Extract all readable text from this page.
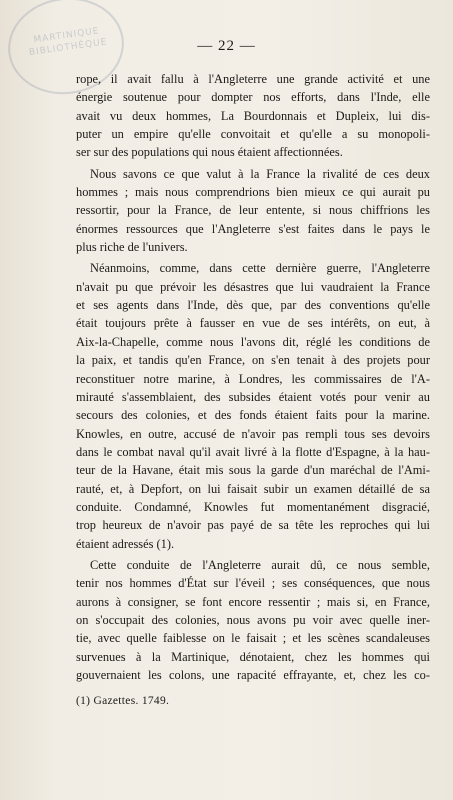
MARTINIQUE BIBLIOTHÈQUE	— 22 —
rope, il avait fallu à l'Angleterre une grande activité et une
énergie soutenue pour dompter nos efforts, dans l'Inde, elle
avait vu deux hommes, La Bourdonnais et Dupleix, lui dis-
puter un empire qu'elle convoitait et qu'elle a su monopoli-
ser sur des populations qui nous étaient affectionnées.
Nous savons ce que valut à la France la rivalité de ces deux
hommes ; mais nous comprendrions bien mieux ce qui aurait pu
ressortir, pour la France, de leur entente, si nous chiffrions les
énormes ressources que l'Angleterre s'est faites dans le pays le
plus riche de l'univers.
Néanmoins, comme, dans cette dernière guerre, l'Angleterre
n'avait pu que prévoir les désastres que lui vaudraient la France
et ses agents dans l'Inde, dès que, par des conventions qu'elle
était toujours prête à fausser en vue de ses intérêts, on eut, à
Aix-la-Chapelle, comme nous l'avons dit, réglé les conditions de
la paix, et tandis qu'en France, on s'en tenait à des projets pour
reconstituer notre marine, à Londres, les commissaires de l'A-
mirauté s'assemblaient, des subsides étaient votés pour venir au
secours des colonies, et des fonds étaient faits pour la marine.
Knowles, en outre, accusé de n'avoir pas rempli tous ses devoirs
dans le combat naval qu'il avait livré à la flotte d'Espagne, à la hau-
teur de la Havane, était mis sous la garde d'un maréchal de l'Ami-
rauté, et, à Depfort, on lui faisait subir un examen détaillé de sa
conduite. Condamné, Knowles fut momentanément disgracié,
trop heureux de n'avoir pas payé de sa tête les reproches qui lui
étaient adressés (1).
Cette conduite de l'Angleterre aurait dû, ce nous semble,
tenir nos hommes d'État sur l'éveil ; ses conséquences, que nous
aurons à consigner, se font encore ressentir ; mais si, en France,
on s'occupait des colonies, nous avons pu voir avec quelle iner-
tie, avec quelle faiblesse on le faisait ; et les scènes scandaleuses
survenues à la Martinique, dénotaient, chez les hommes qui
gouvernaient les colons, une rapacité effrayante, et, chez les co-
(1) Gazettes. 1749.
